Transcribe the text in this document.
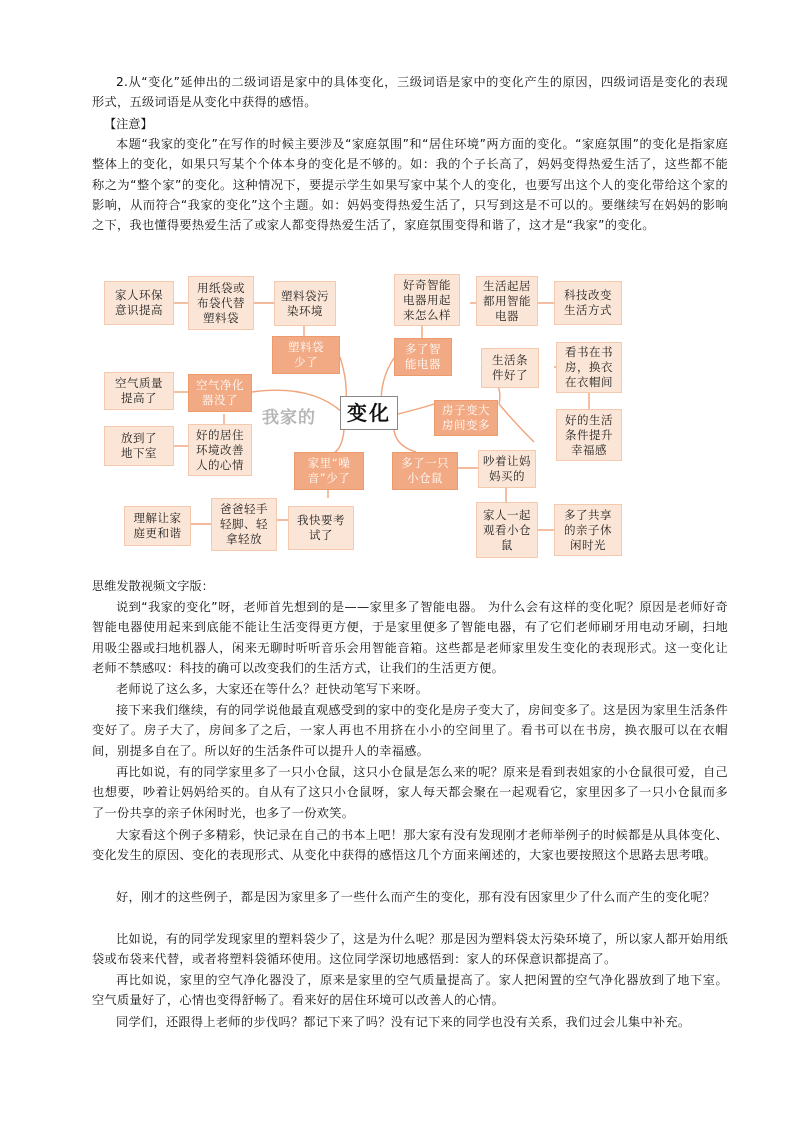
2.从“变化”延伸出的二级词语是家中的具体变化，三级词语是家中的变化产生的原因，四级词语是变化的表现形式，五级词语是从变化中获得的感悟。

【注意】

本题“我家的变化”在写作的时候主要涉及“家庭氛围”和“居住环境”两方面的变化。“家庭氛围”的变化是指家庭整体上的变化，如果只写某个个体本身的变化是不够的。如：我的个子长高了，妈妈变得热爱生活了，这些都不能称之为“整个家”的变化。这种情况下，要提示学生如果写家中某个人的变化，也要写出这个人的变化带给这个家的影响，从而符合“我家的变化”这个主题。如：妈妈变得热爱生活了，只写到这是不可以的。要继续写在妈妈的影响之下，我也懂得要热爱生活了或家人都变得热爱生活了，家庭氛围变得和谐了，这才是“我家”的变化。

家人环保
意识提高
用纸袋或
布袋代替
塑料袋
塑料袋污
染环境
塑料袋
少了
好奇智能
电器用起
来怎么样
生活起居
都用智能
电器
科技改变
生活方式
多了智
能电器	生活条
件好了
看书在书
房，换衣
在衣帽间
空气质量
提高了
空气净化
器没了
我家的	变化	房子变大
房间变多	好的生活
条件提升
幸福感
放到了
地下室
好的居住
环境改善
人的心情	家里“噪
音”少了
多了一只
小仓鼠
吵着让妈
妈买的
理解让家
庭更和谐
爸爸轻手
轻脚、轻
拿轻放
我快要考
试了
家人一起
观看小仓
鼠
多了共享
的亲子休
闲时光

思维发散视频文字版：

说到“我家的变化”呀，老师首先想到的是——家里多了智能电器。 为什么会有这样的变化呢？原因是老师好奇智能电器使用起来到底能不能让生活变得更方便，于是家里便多了智能电器，有了它们老师刷牙用电动牙刷，扫地用吸尘器或扫地机器人，闲来无聊时听听音乐会用智能音箱。这些都是老师家里发生变化的表现形式。这一变化让老师不禁感叹：科技的确可以改变我们的生活方式，让我们的生活更方便。

老师说了这么多，大家还在等什么？赶快动笔写下来呀。

接下来我们继续，有的同学说他最直观感受到的家中的变化是房子变大了，房间变多了。这是因为家里生活条件变好了。房子大了，房间多了之后，一家人再也不用挤在小小的空间里了。看书可以在书房，换衣服可以在衣帽间，别提多自在了。所以好的生活条件可以提升人的幸福感。

再比如说，有的同学家里多了一只小仓鼠，这只小仓鼠是怎么来的呢？原来是看到表姐家的小仓鼠很可爱，自己也想要，吵着让妈妈给买的。自从有了这只小仓鼠呀，家人每天都会聚在一起观看它，家里因多了一只小仓鼠而多了一份共享的亲子休闲时光，也多了一份欢笑。

大家看这个例子多精彩，快记录在自己的书本上吧！那大家有没有发现刚才老师举例子的时候都是从具体变化、变化发生的原因、变化的表现形式、从变化中获得的感悟这几个方面来阐述的，大家也要按照这个思路去思考哦。

好，刚才的这些例子，都是因为家里多了一些什么而产生的变化，那有没有因家里少了什么而产生的变化呢？

比如说，有的同学发现家里的塑料袋少了，这是为什么呢？那是因为塑料袋太污染环境了，所以家人都开始用纸袋或布袋来代替，或者将塑料袋循环使用。这位同学深切地感悟到：家人的环保意识都提高了。

再比如说，家里的空气净化器没了，原来是家里的空气质量提高了。家人把闲置的空气净化器放到了地下室。 空气质量好了，心情也变得舒畅了。看来好的居住环境可以改善人的心情。

同学们，还跟得上老师的步伐吗？都记下来了吗？没有记下来的同学也没有关系，我们过会儿集中补充。
